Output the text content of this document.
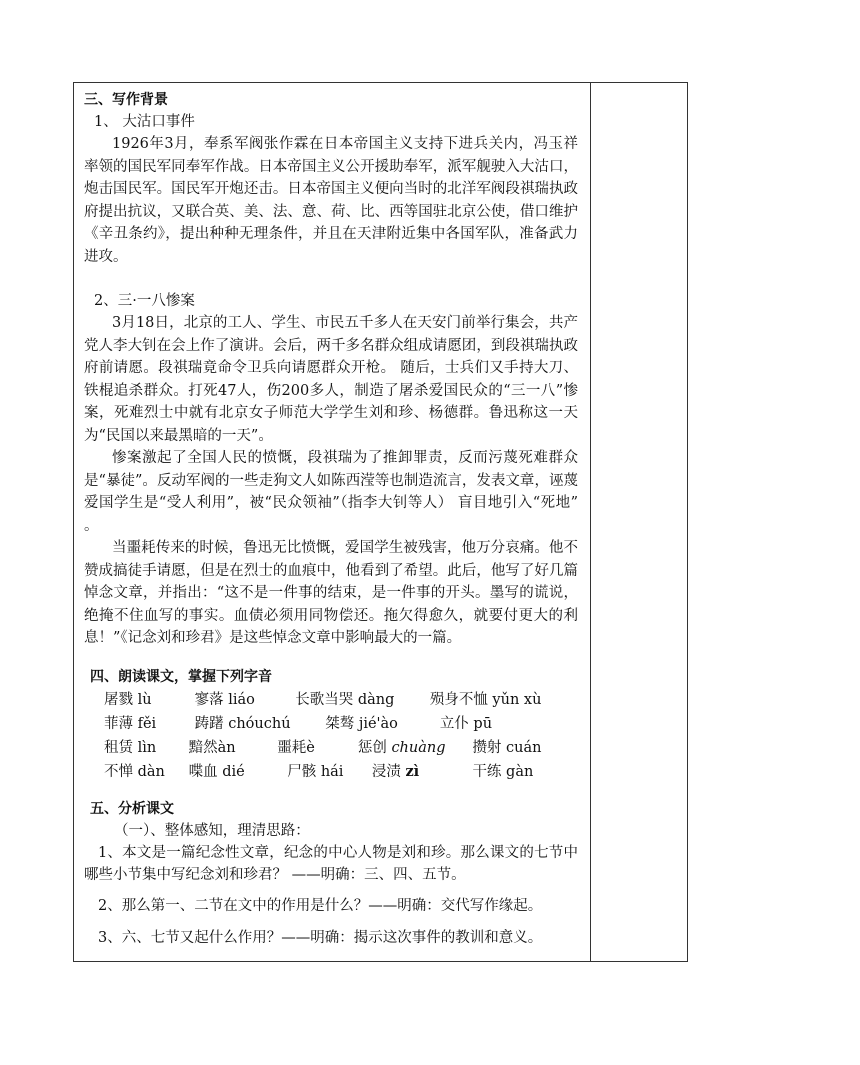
三、写作背景
1、 大沽口事件

1926年3月，奉系军阀张作霖在日本帝国主义支持下进兵关内，冯玉祥率领的国民军同奉军作战。日本帝国主义公开援助奉军，派军舰驶入大沽口，炮击国民军。国民军开炮还击。日本帝国主义便向当时的北洋军阀段祺瑞执政府提出抗议，又联合英、美、法、意、荷、比、西等国驻北京公使，借口维护《辛丑条约》，提出种种无理条件，并且在天津附近集中各国军队，准备武力进攻。

2、三·一八惨案

3月18日，北京的工人、学生、市民五千多人在天安门前举行集会，共产党人李大钊在会上作了演讲。会后，两千多名群众组成请愿团，到段祺瑞执政府前请愿。段祺瑞竟命令卫兵向请愿群众开枪。 随后，士兵们又手持大刀、铁棍追杀群众。打死47人，伤200多人，制造了屠杀爱国民众的“三一八”惨案，死难烈士中就有北京女子师范大学学生刘和珍、杨德群。鲁迅称这一天为“民国以来最黑暗的一天”。

惨案激起了全国人民的愤慨，段祺瑞为了推卸罪责，反而污蔑死难群众是“暴徒”。反动军阀的一些走狗文人如陈西滢等也制造流言，发表文章，诬蔑爱国学生是“受人利用”，被“民众领袖”（指李大钊等人） 盲目地引入“死地” 。

当噩耗传来的时候，鲁迅无比愤慨，爱国学生被残害，他万分哀痛。他不赞成搞徒手请愿，但是在烈士的血痕中，他看到了希望。此后，他写了好几篇悼念文章，并指出：“这不是一件事的结束，是一件事的开头。墨写的谎说，绝掩不住血写的事实。血债必须用同物偿还。拖欠得愈久，就要付更大的利息！”《记念刘和珍君》是这些悼念文章中影响最大的一篇。

四、朗读课文，掌握下列字音
屠戮 lù	寥落 liáo	长歌当哭 dàng 殒身不恤 yǔn xù
菲薄 fěi	踌躇 chóuchú 桀骜 jié'ào	立仆 pū
租赁 lìn 黯然àn	噩耗è	惩创 chuàng 攒射 cuán
不惮 dàn 喋血 dié	尸骸 hái 浸渍 zì	干练 gàn
五、分析课文
（一）、整体感知，理清思路：

1、本文是一篇纪念性文章，纪念的中心人物是刘和珍。那么课文的七节中哪些小节集中写纪念刘和珍君？ ——明确：三、四、五节。

2、那么第一、二节在文中的作用是什么？——明确：交代写作缘起。

3、六、七节又起什么作用？——明确：揭示这次事件的教训和意义。
